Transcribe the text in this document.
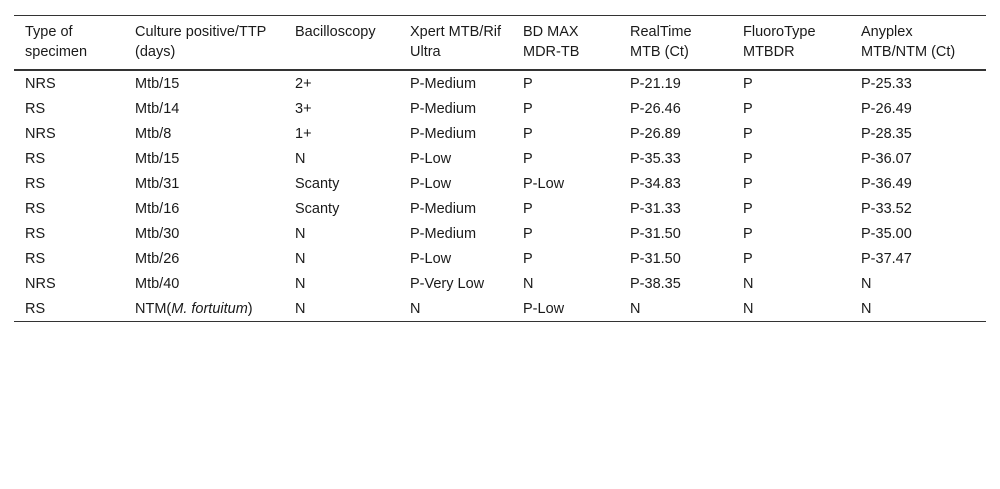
Type of specimen	Culture positive/TTP (days)	Bacilloscopy	Xpert MTB/Rif Ultra	BD MAX MDR-TB	RealTime MTB (Ct)	FluoroType MTBDR	Anyplex MTB/NTM (Ct)
NRS	Mtb/15	2+	P-Medium	P	P-21.19	P	P-25.33
RS	Mtb/14	3+	P-Medium	P	P-26.46	P	P-26.49
NRS	Mtb/8	1+	P-Medium	P	P-26.89	P	P-28.35
RS	Mtb/15	N	P-Low	P	P-35.33	P	P-36.07
RS	Mtb/31	Scanty	P-Low	P-Low	P-34.83	P	P-36.49
RS	Mtb/16	Scanty	P-Medium	P	P-31.33	P	P-33.52
RS	Mtb/30	N	P-Medium	P	P-31.50	P	P-35.00
RS	Mtb/26	N	P-Low	P	P-31.50	P	P-37.47
NRS	Mtb/40	N	P-Very Low	N	P-38.35	N	N
RS	NTM(M. fortuitum)	N	N	P-Low	N	N	N
